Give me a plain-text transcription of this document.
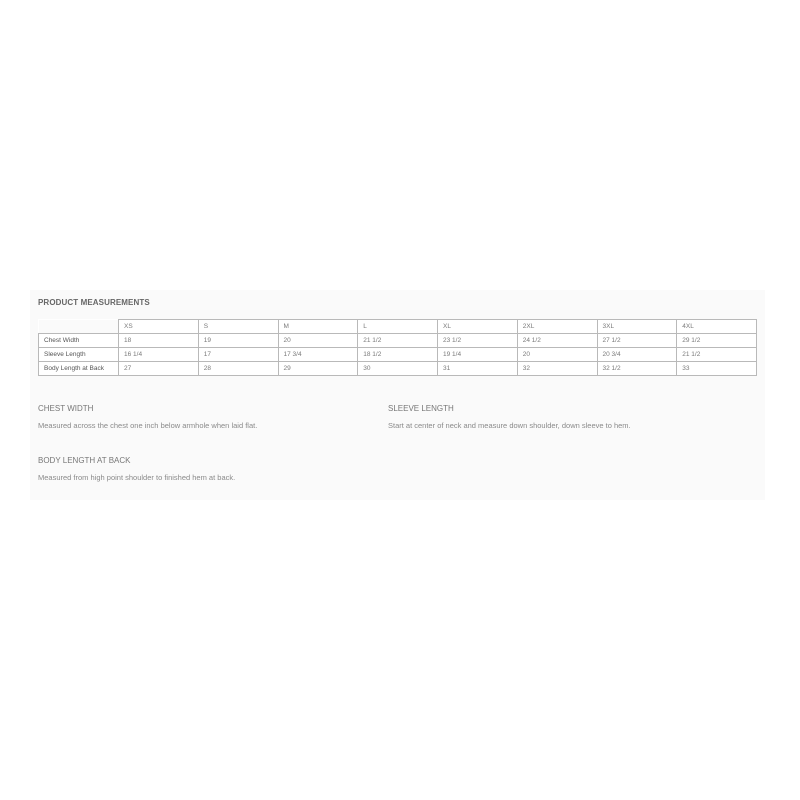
PRODUCT MEASUREMENTS
	XS	S	M	L	XL	2XL	3XL	4XL
Chest Width	18	19	20	21 1/2	23 1/2	24 1/2	27 1/2	29 1/2
Sleeve Length	16 1/4	17	17 3/4	18 1/2	19 1/4	20	20 3/4	21 1/2
Body Length at Back	27	28	29	30	31	32	32 1/2	33
CHEST WIDTH
Measured across the chest one inch below armhole when laid flat.
SLEEVE LENGTH
Start at center of neck and measure down shoulder, down sleeve to hem.
BODY LENGTH AT BACK
Measured from high point shoulder to finished hem at back.
